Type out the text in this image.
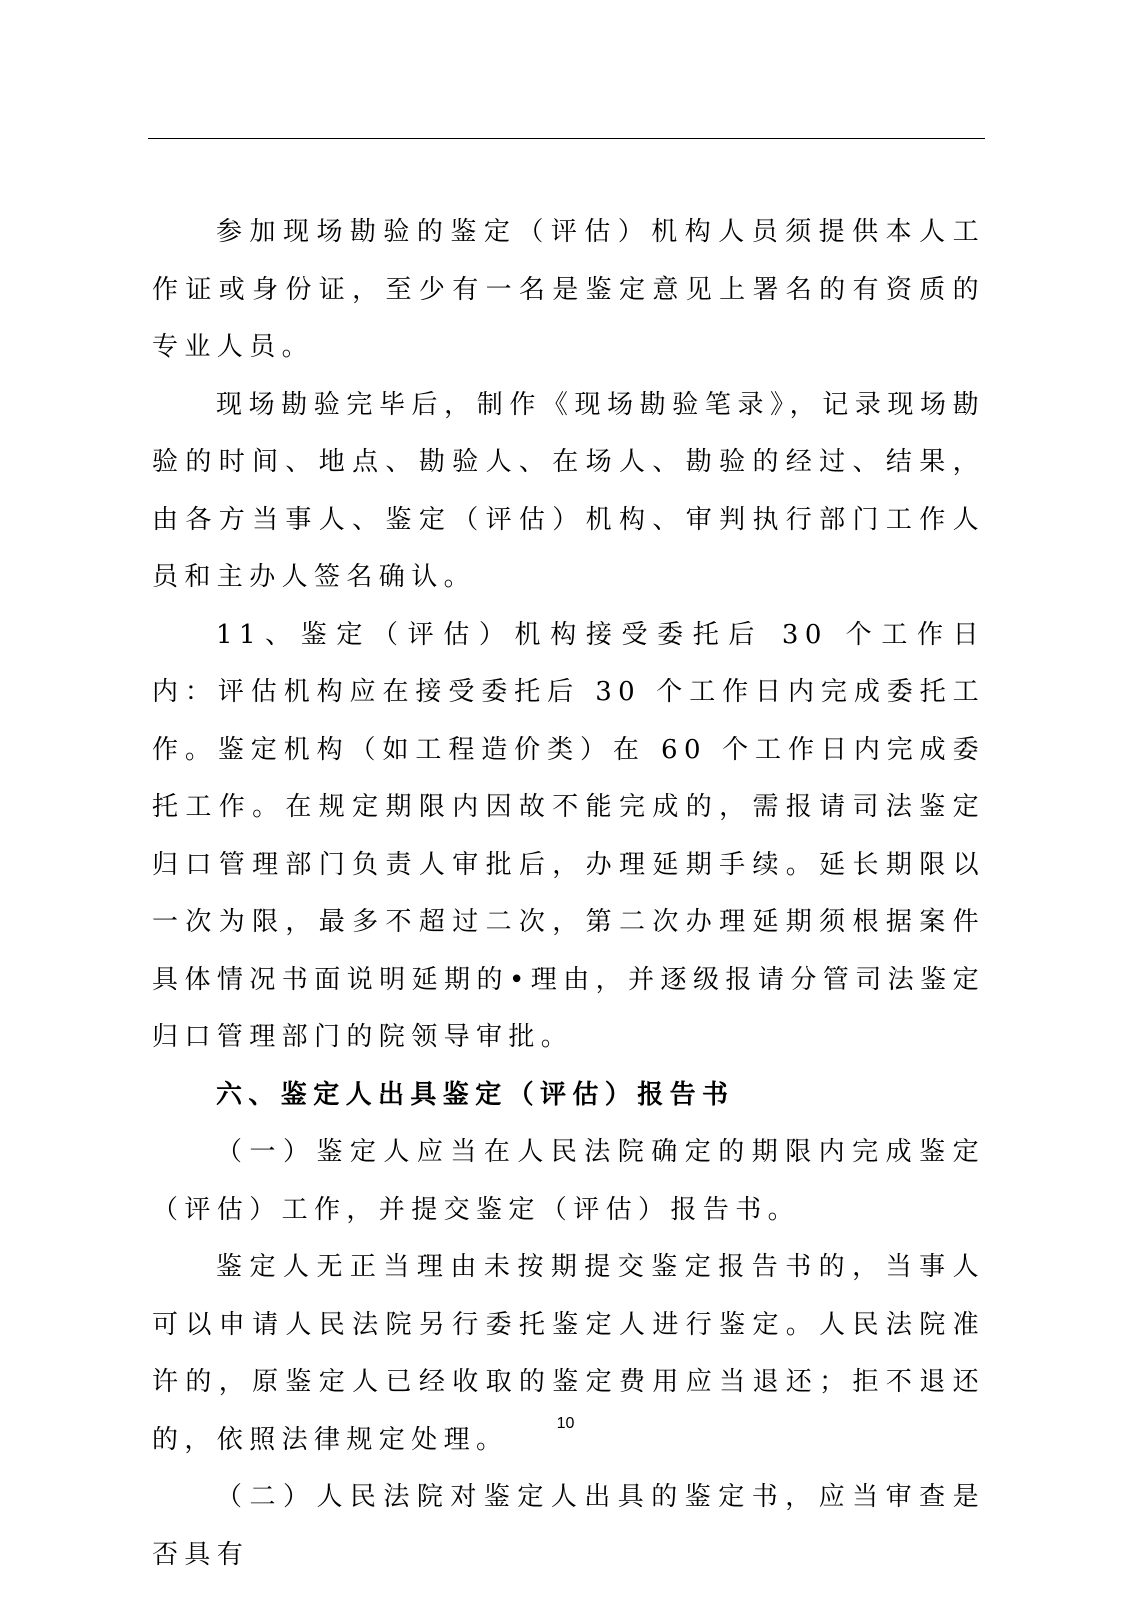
参加现场勘验的鉴定（评估）机构人员须提供本人工作证或身份证，至少有一名是鉴定意见上署名的有资质的专业人员。

现场勘验完毕后，制作《现场勘验笔录》，记录现场勘验的时间、地点、勘验人、在场人、勘验的经过、结果，由各方当事人、鉴定（评估）机构、审判执行部门工作人员和主办人签名确认。

11、鉴定（评估）机构接受委托后 30 个工作日内：评估机构应在接受委托后 30 个工作日内完成委托工作。鉴定机构（如工程造价类）在 60 个工作日内完成委托工作。在规定期限内因故不能完成的，需报请司法鉴定归口管理部门负责人审批后，办理延期手续。延长期限以一次为限，最多不超过二次，第二次办理延期须根据案件具体情况书面说明延期的•理由，并逐级报请分管司法鉴定归口管理部门的院领导审批。

六、鉴定人出具鉴定（评估）报告书

（一）鉴定人应当在人民法院确定的期限内完成鉴定（评估）工作，并提交鉴定（评估）报告书。

鉴定人无正当理由未按期提交鉴定报告书的，当事人可以申请人民法院另行委托鉴定人进行鉴定。人民法院准许的，原鉴定人已经收取的鉴定费用应当退还；拒不退还的，依照法律规定处理。

（二）人民法院对鉴定人出具的鉴定书，应当审查是否具有

10
